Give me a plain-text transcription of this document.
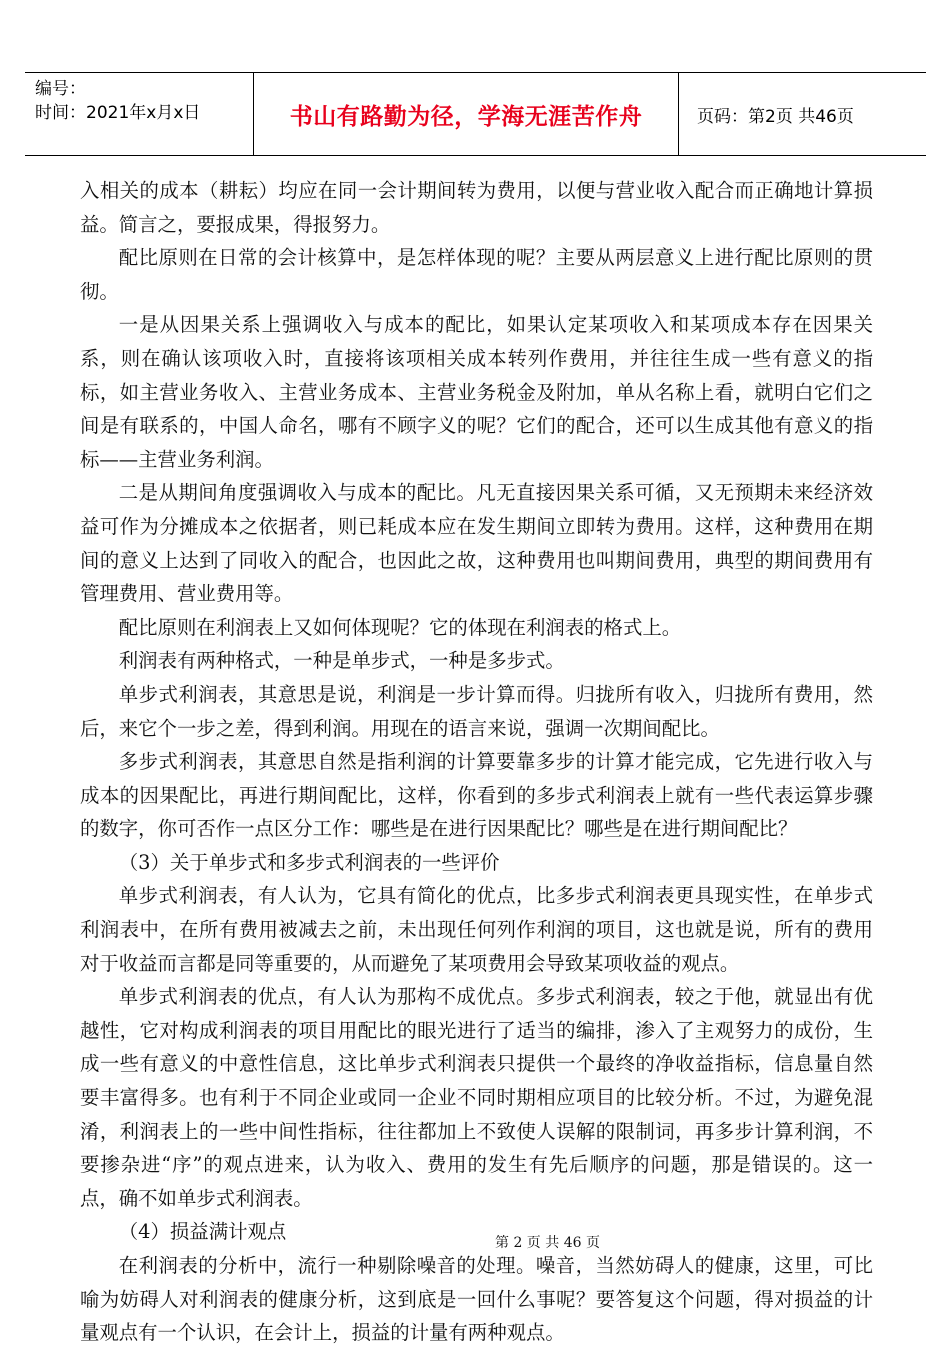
编号：
时间：2021年x月x日	书山有路勤为径，学海无涯苦作舟	页码：第2页 共46页

入相关的成本（耕耘）均应在同一会计期间转为费用，以便与营业收入配合而正确地计算损益。简言之，要报成果，得报努力。

配比原则在日常的会计核算中，是怎样体现的呢？主要从两层意义上进行配比原则的贯彻。

一是从因果关系上强调收入与成本的配比，如果认定某项收入和某项成本存在因果关系，则在确认该项收入时，直接将该项相关成本转列作费用，并往往生成一些有意义的指标，如主营业务收入、主营业务成本、主营业务税金及附加，单从名称上看，就明白它们之间是有联系的，中国人命名，哪有不顾字义的呢？它们的配合，还可以生成其他有意义的指标——主营业务利润。

二是从期间角度强调收入与成本的配比。凡无直接因果关系可循，又无预期未来经济效益可作为分摊成本之依据者，则已耗成本应在发生期间立即转为费用。这样，这种费用在期间的意义上达到了同收入的配合，也因此之故，这种费用也叫期间费用，典型的期间费用有管理费用、营业费用等。

配比原则在利润表上又如何体现呢？它的体现在利润表的格式上。

利润表有两种格式，一种是单步式，一种是多步式。

单步式利润表，其意思是说，利润是一步计算而得。归拢所有收入，归拢所有费用，然后，来它个一步之差，得到利润。用现在的语言来说，强调一次期间配比。

多步式利润表，其意思自然是指利润的计算要靠多步的计算才能完成，它先进行收入与成本的因果配比，再进行期间配比，这样，你看到的多步式利润表上就有一些代表运算步骤的数字，你可否作一点区分工作：哪些是在进行因果配比？哪些是在进行期间配比？

（3）关于单步式和多步式利润表的一些评价

单步式利润表，有人认为，它具有简化的优点，比多步式利润表更具现实性，在单步式利润表中，在所有费用被减去之前，未出现任何列作利润的项目，这也就是说，所有的费用对于收益而言都是同等重要的，从而避免了某项费用会导致某项收益的观点。

单步式利润表的优点，有人认为那构不成优点。多步式利润表，较之于他，就显出有优越性，它对构成利润表的项目用配比的眼光进行了适当的编排，渗入了主观努力的成份，生成一些有意义的中意性信息，这比单步式利润表只提供一个最终的净收益指标，信息量自然要丰富得多。也有利于不同企业或同一企业不同时期相应项目的比较分析。不过，为避免混淆，利润表上的一些中间性指标，往往都加上不致使人误解的限制词，再多步计算利润，不要掺杂进“序”的观点进来，认为收入、费用的发生有先后顺序的问题，那是错误的。这一点，确不如单步式利润表。

（4）损益满计观点

在利润表的分析中，流行一种剔除噪音的处理。噪音，当然妨碍人的健康，这里，可比喻为妨碍人对利润表的健康分析，这到底是一回什么事呢？要答复这个问题，得对损益的计量观点有一个认识，在会计上，损益的计量有两种观点。

第 2 页 共 46 页
